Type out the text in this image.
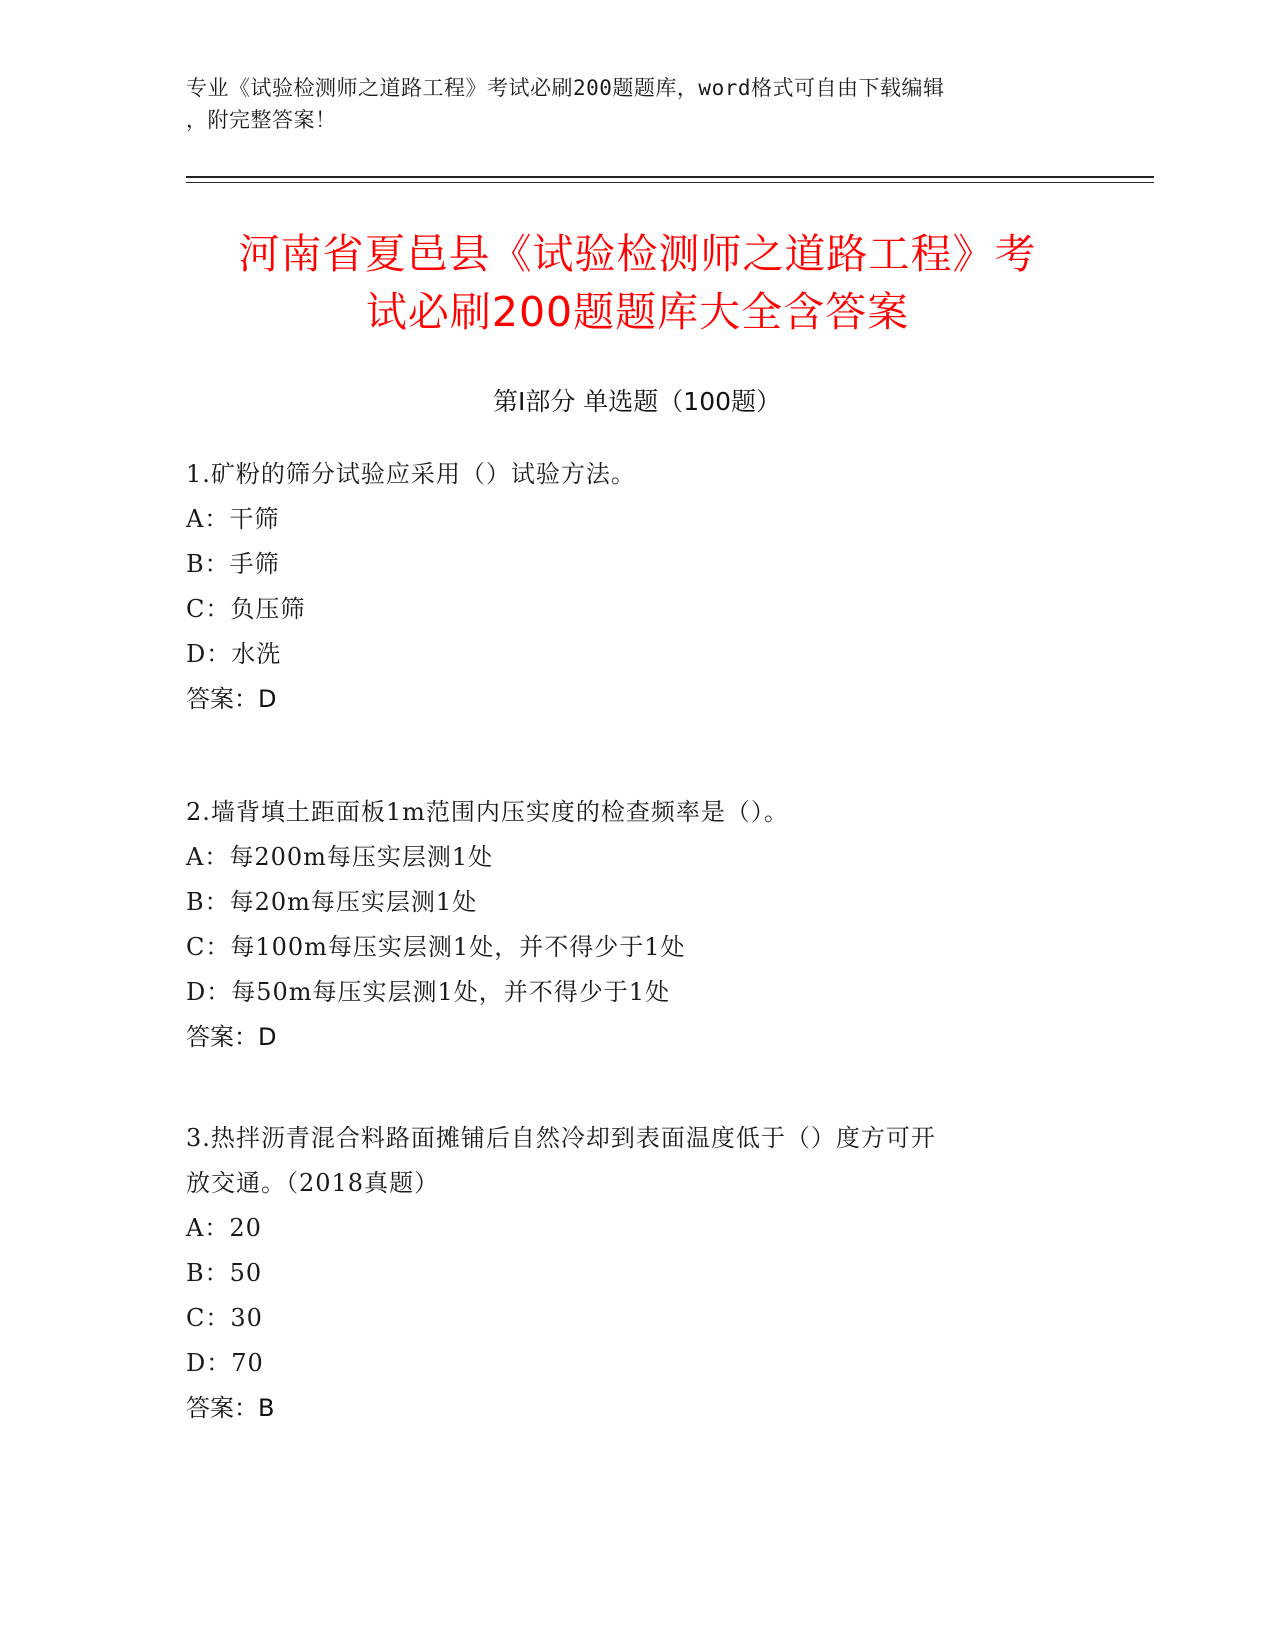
专业《试验检测师之道路工程》考试必刷200题题库，word格式可自由下载编辑
，附完整答案！
河南省夏邑县《试验检测师之道路工程》考
试必刷200题题库大全含答案
第Ⅰ部分 单选题（100题）

1.矿粉的筛分试验应采用（）试验方法。

A：干筛

B：手筛

C：负压筛

D：水洗

答案：D

2.墙背填土距面板1m范围内压实度的检查频率是（）。

A：每200m每压实层测1处

B：每20m每压实层测1处

C：每100m每压实层测1处，并不得少于1处

D：每50m每压实层测1处，并不得少于1处

答案：D

3.热拌沥青混合料路面摊铺后自然冷却到表面温度低于（）度方可开

放交通。（2018真题）

A：20

B：50

C：30

D：70

答案：B
